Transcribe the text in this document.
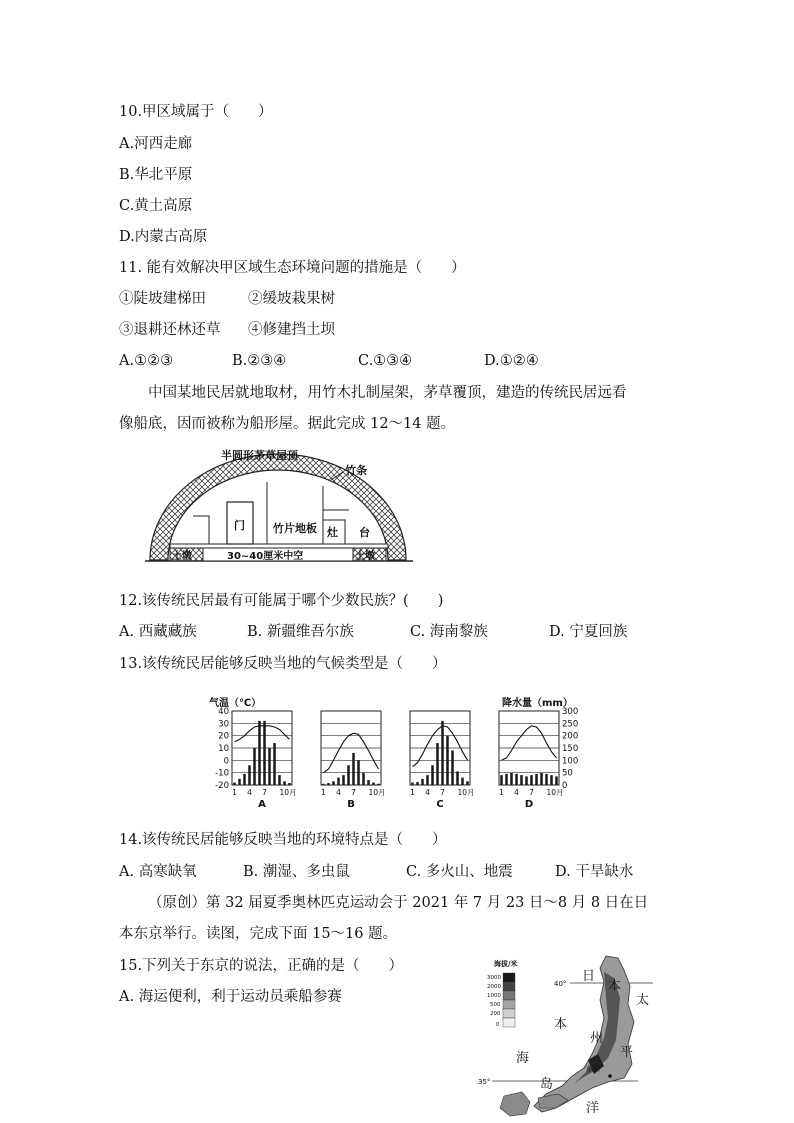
10.甲区域属于（　　）
A.河西走廊
B.华北平原
C.黄土高原
D.内蒙古高原
11. 能有效解决甲区域生态环境问题的措施是（　　）
①陡坡建梯田	②缓坡栽果树
③退耕还林还草 ④修建挡土坝
A.①②③	B.②③④	C.①③④	D.①②④
中国某地民居就地取材，用竹木扎制屋架，茅草覆顶，建造的传统民居远看
像船底，因而被称为船形屋。据此完成 12～14 题。
半圆形茅草屋顶
竹条
门	竹片地板 灶 台
土墩	土墩
30~40厘米中空
12.该传统民居最有可能属于哪个少数民族？(　　)
A. 西藏藏族	B. 新疆维吾尔族	C. 海南黎族	D. 宁夏回族
13.该传统民居能够反映当地的气候类型是（　　）
气温（℃）	降水量（mm）
40
30
20
10
0
-10
-20
300
250
200
150
100
50
0
1 4 7 10月
A
1 4 7 10月
B
1 4 7 10月
C
1 4 7 10月
D
14.该传统民居能够反映当地的环境特点是（　　）
A. 高寒缺氧	B. 潮湿、多虫鼠	C. 多火山、地震	D. 干旱缺水
（原创）第 32 届夏季奥林匹克运动会于 2021 年 7 月 23 日～8 月 8 日在日
本东京举行。读图，完成下面 15～16 题。
15.下列关于东京的说法，正确的是（　　）
A. 海运便利，利于运动员乘船参赛
海拔/米
3000
2000
1000
500
200
0
40°
35°
东京
日
本
海
太
平
洋
本
州
岛
